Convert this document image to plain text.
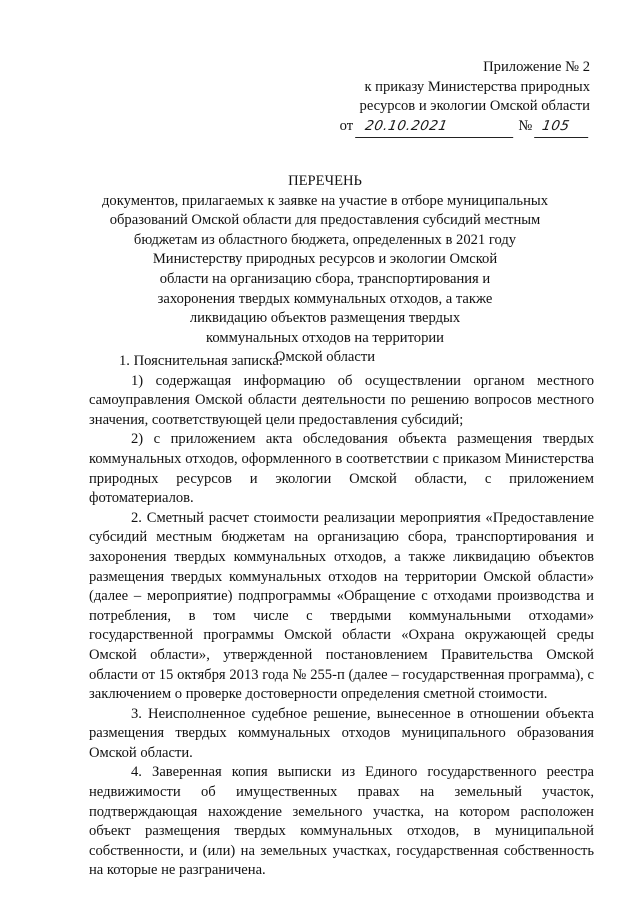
Приложение № 2
к приказу Министерства природных
ресурсов и экологии Омской области
от 20.10.2021	№ 105
ПЕРЕЧЕНЬ
документов, прилагаемых к заявке на участие в отборе муниципальных
образований Омской области для предоставления субсидий местным
бюджетам из областного бюджета, определенных в 2021 году
Министерству природных ресурсов и экологии Омской
области на организацию сбора, транспортирования и
захоронения твердых коммунальных отходов, а также
ликвидацию объектов размещения твердых
коммунальных отходов на территории
Омской области

1. Пояснительная записка:

1) содержащая информацию об осуществлении органом местного самоуправления Омской области деятельности по решению вопросов местного значения, соответствующей цели предоставления субсидий;

2) с приложением акта обследования объекта размещения твердых коммунальных отходов, оформленного в соответствии с приказом Министерства природных ресурсов и экологии Омской области, с приложением фотоматериалов.

2. Сметный расчет стоимости реализации мероприятия «Предоставление субсидий местным бюджетам на организацию сбора, транспортирования и захоронения твердых коммунальных отходов, а также ликвидацию объектов размещения твердых коммунальных отходов на территории Омской области» (далее – мероприятие) подпрограммы «Обращение с отходами производства и потребления, в том числе с твердыми коммунальными отходами» государственной программы Омской области «Охрана окружающей среды Омской области», утвержденной постановлением Правительства Омской области от 15 октября 2013 года № 255-п (далее – государственная программа), с заключением о проверке достоверности определения сметной стоимости.

3. Неисполненное судебное решение, вынесенное в отношении объекта размещения твердых коммунальных отходов муниципального образования Омской области.

4. Заверенная копия выписки из Единого государственного реестра недвижимости об имущественных правах на земельный участок, подтверждающая нахождение земельного участка, на котором расположен объект размещения твердых коммунальных отходов, в муниципальной собственности, и (или) на земельных участках, государственная собственность на которые не разграничена.
